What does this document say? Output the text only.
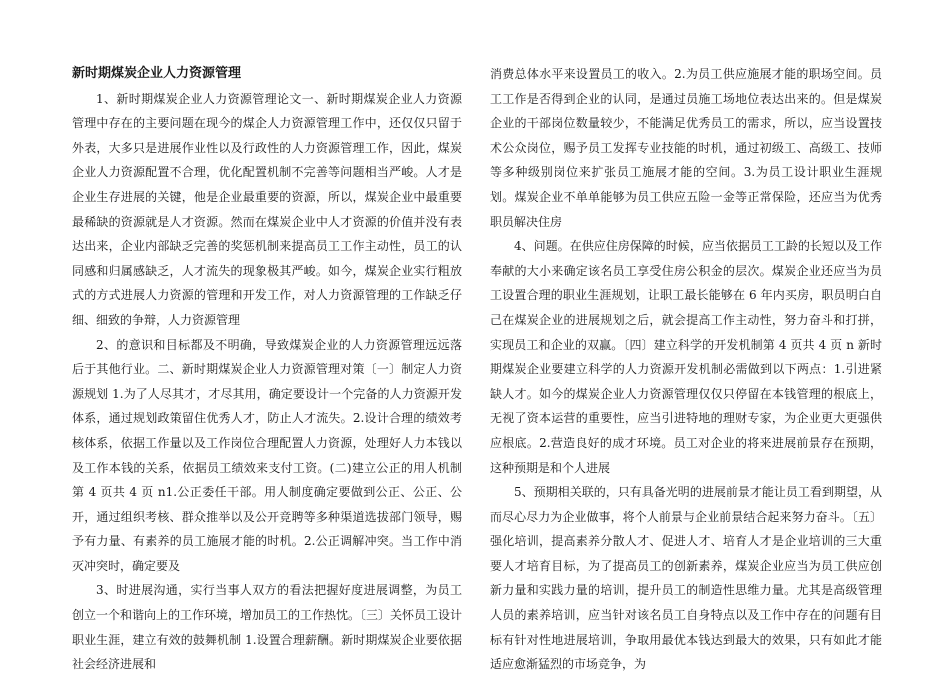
新时期煤炭企业人力资源管理

1、新时期煤炭企业人力资源管理论文一、新时期煤炭企业人力资源管理中存在的主要问题在现今的煤企人力资源管理工作中，还仅仅只留于外表，大多只是进展作业性以及行政性的人力资源管理工作，因此，煤炭企业人力资源配置不合理，优化配置机制不完善等问题相当严峻。人才是企业生存进展的关键，他是企业最重要的资源，所以，煤炭企业中最重要最稀缺的资源就是人才资源。然而在煤炭企业中人才资源的价值并没有表达出来，企业内部缺乏完善的奖惩机制来提高员工工作主动性，员工的认同感和归属感缺乏，人才流失的现象极其严峻。如今，煤炭企业实行粗放式的方式进展人力资源的管理和开发工作，对人力资源管理的工作缺乏仔细、细致的争辩，人力资源管理

2、的意识和目标都及不明确，导致煤炭企业的人力资源管理远远落后于其他行业。二、新时期煤炭企业人力资源管理对策〔一〕制定人力资源规划 1.为了人尽其才，才尽其用，确定要设计一个完备的人力资源开发体系，通过规划政策留住优秀人才，防止人才流失。2.设计合理的绩效考核体系，依据工作量以及工作岗位合理配置人力资源，处理好人力本钱以及工作本钱的关系，依据员工绩效来支付工资。(二)建立公正的用人机制第 4 页共 4 页 n1.公正委任干部。用人制度确定要做到公正、公正、公开，通过组织考核、群众推举以及公开竞聘等多种渠道选拔部门领导，赐予有力量、有素养的员工施展才能的时机。2.公正调解冲突。当工作中消灭冲突时，确定要及

3、时进展沟通，实行当事人双方的看法把握好度进展调整，为员工创立一个和谐向上的工作环境，增加员工的工作热忱。〔三〕关怀员工设计职业生涯，建立有效的鼓舞机制 1.设置合理薪酬。新时期煤炭企业要依据社会经济进展和

消费总体水平来设置员工的收入。2.为员工供应施展才能的职场空间。员工工作是否得到企业的认同，是通过员施工场地位表达出来的。但是煤炭企业的干部岗位数量较少，不能满足优秀员工的需求，所以，应当设置技术公众岗位，赐予员工发挥专业技能的时机，通过初级工、高级工、技师等多种级别岗位来扩张员工施展才能的空间。3.为员工设计职业生涯规划。煤炭企业不单单能够为员工供应五险一金等正常保险，还应当为优秀职员解决住房

4、问题。在供应住房保障的时候，应当依据员工工龄的长短以及工作奉献的大小来确定该名员工享受住房公积金的层次。煤炭企业还应当为员工设置合理的职业生涯规划，让职工最长能够在 6 年内买房，职员明白自己在煤炭企业的进展规划之后，就会提高工作主动性，努力奋斗和打拼，实现员工和企业的双赢。〔四〕建立科学的开发机制第 4 页共 4 页 n 新时期煤炭企业要建立科学的人力资源开发机制必需做到以下两点：1.引进紧缺人才。如今的煤炭企业人力资源管理仅仅只停留在本钱管理的根底上，无视了资本运营的重要性，应当引进特地的理财专家，为企业更大更强供应根底。2.营造良好的成才环境。员工对企业的将来进展前景存在预期，这种预期是和个人进展

5、预期相关联的，只有具备光明的进展前景才能让员工看到期望，从而尽心尽力为企业做事，将个人前景与企业前景结合起来努力奋斗。〔五〕强化培训，提高素养分散人才、促进人才、培育人才是企业培训的三大重要人才培育目标，为了提高员工的创新素养，煤炭企业应当为员工供应创新力量和实践力量的培训，提升员工的制造性思维力量。尤其是高级管理人员的素养培训，应当针对该名员工自身特点以及工作中存在的问题有目标有针对性地进展培训，争取用最优本钱达到最大的效果，只有如此才能适应愈渐猛烈的市场竞争，为
